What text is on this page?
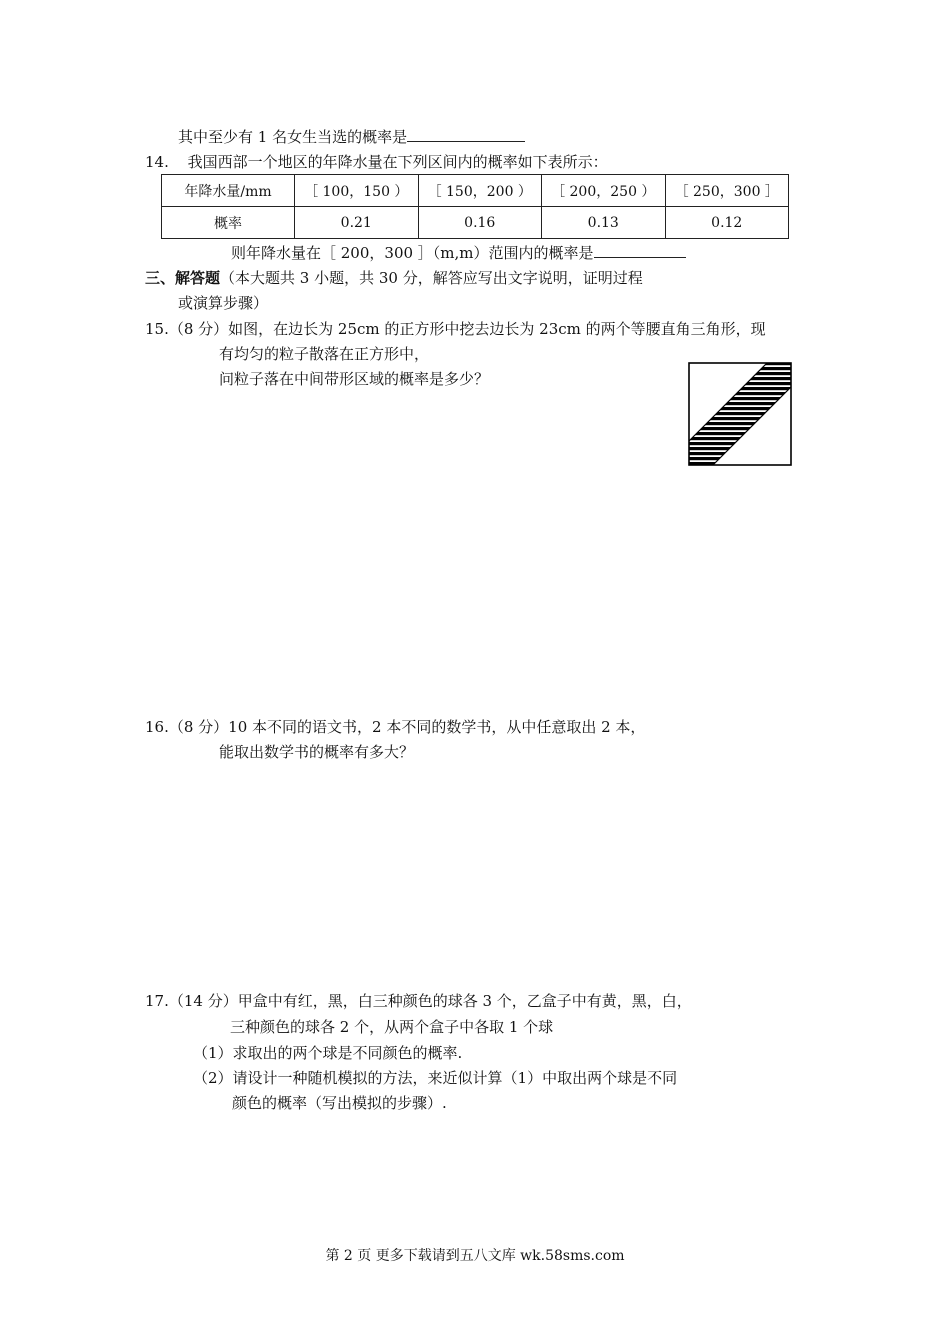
其中至少有 1 名女生当选的概率是
14. 我国西部一个地区的年降水量在下列区间内的概率如下表所示：
年降水量/mm	［ 100，150 ）	［ 150，200 ）	［ 200，250 ）	［ 250，300 ］
概率	0.21	0.16	0.13	0.12
则年降水量在［ 200，300 ］（m,m）范围内的概率是
三、解答题（本大题共 3 小题，共 30 分，解答应写出文字说明，证明过程
或演算步骤）
15.（8 分）如图，在边长为 25cm 的正方形中挖去边长为 23cm 的两个等腰直角三角形，现
有均匀的粒子散落在正方形中，
问粒子落在中间带形区域的概率是多少？
16.（8 分）10 本不同的语文书，2 本不同的数学书，从中任意取出 2 本，
能取出数学书的概率有多大？
17.（14 分）甲盒中有红，黑，白三种颜色的球各 3 个，乙盒子中有黄，黑，白，
三种颜色的球各 2 个，从两个盒子中各取 1 个球
（1）求取出的两个球是不同颜色的概率.
（2）请设计一种随机模拟的方法，来近似计算（1）中取出两个球是不同
颜色的概率（写出模拟的步骤）.
第 2 页 更多下载请到五八文库 wk.58sms.com
